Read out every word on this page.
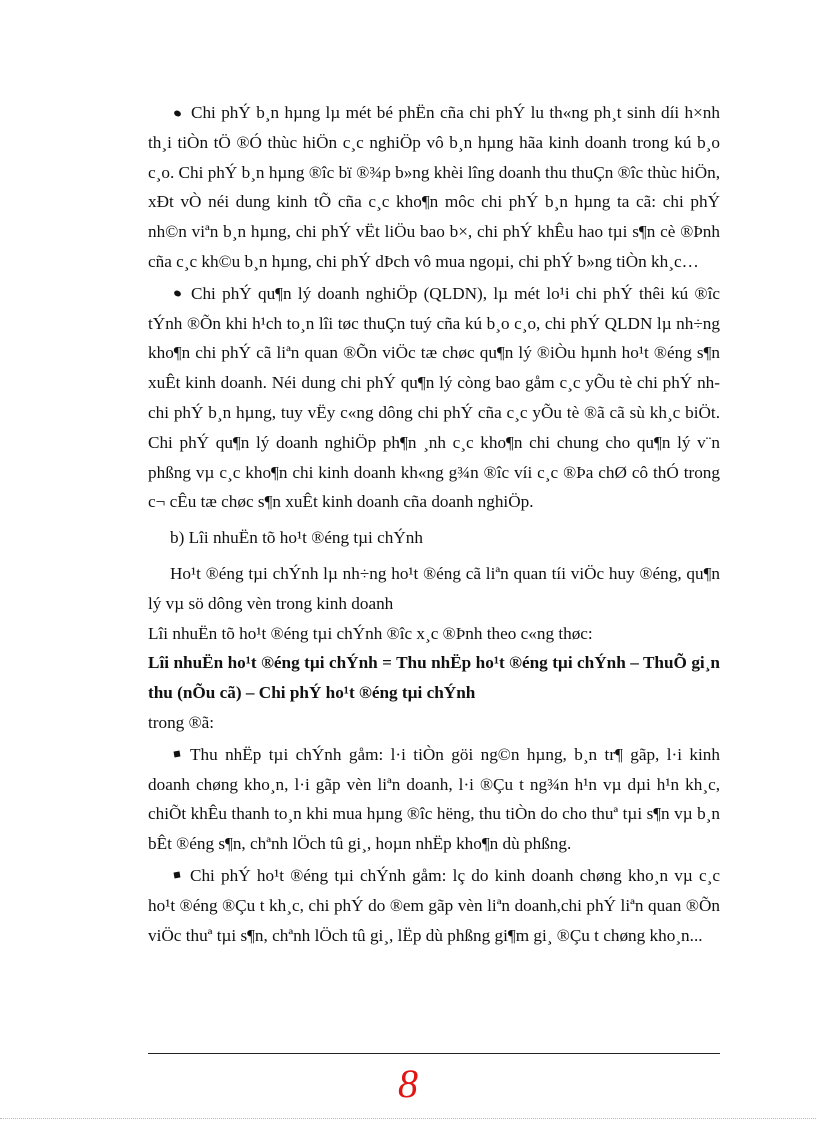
Chi phÝ b¸n hµng lµ mét bé phËn cña chi phÝ lu th«ng ph¸t sinh díi h×nh th¸i tiÒn tÖ ®Ó thùc hiÖn c¸c nghiÖp vô b¸n hµng hãa kinh doanh trong kú b¸o c¸o. Chi phÝ b¸n hµng ®îc bï ®¾p b»ng khèi lîng doanh thu thuÇn ®îc thùc hiÖn, xÐt vÒ néi dung kinh tÕ cña c¸c kho¶n môc chi phÝ b¸n hµng ta cã: chi phÝ nh©n viªn b¸n hµng, chi phÝ vËt liÖu bao b×, chi phÝ khÊu hao tµi s¶n cè ®Þnh cña c¸c kh©u b¸n hµng, chi phÝ dÞch vô mua ngoµi, chi phÝ b»ng tiÒn kh¸c…

Chi phÝ qu¶n lý doanh nghiÖp (QLDN), lµ mét lo¹i chi phÝ thêi kú ®îc tÝnh ®Õn khi h¹ch to¸n lîi tøc thuÇn tuý cña kú b¸o c¸o, chi phÝ QLDN lµ nh÷ng kho¶n chi phÝ cã liªn quan ®Õn viÖc tæ chøc qu¶n lý ®iÒu hµnh ho¹t ®éng s¶n xuÊt kinh doanh. Néi dung chi phÝ qu¶n lý còng bao gåm c¸c yÕu tè chi phÝ nh chi phÝ b¸n hµng, tuy vËy c«ng dông chi phÝ cña c¸c yÕu tè ®ã cã sù kh¸c biÖt. Chi phÝ qu¶n lý doanh nghiÖp ph¶n ¸nh c¸c kho¶n chi chung cho qu¶n lý v¨n phßng vµ c¸c kho¶n chi kinh doanh kh«ng g¾n ®îc víi c¸c ®Þa chØ cô thÓ trong c¬ cÊu tæ chøc s¶n xuÊt kinh doanh cña doanh nghiÖp.

b) Lîi nhuËn tõ ho¹t ®éng tµi chÝnh

Ho¹t ®éng tµi chÝnh lµ nh÷ng ho¹t ®éng cã liªn quan tíi viÖc huy ®éng, qu¶n lý vµ sö dông vèn trong kinh doanh

Lîi nhuËn tõ ho¹t ®éng tµi chÝnh ®îc x¸c ®Þnh theo c«ng thøc:

Lîi nhuËn ho¹t ®éng tµi chÝnh = Thu nhËp ho¹t ®éng tµi chÝnh – ThuÕ gi¸n thu (nÕu cã) – Chi phÝ ho¹t ®éng tµi chÝnh

trong ®ã:

Thu nhËp tµi chÝnh gåm: l·i tiÒn göi ng©n hµng, b¸n tr¶ gãp, l·i kinh doanh chøng kho¸n, l·i gãp vèn liªn doanh, l·i ®Çu t ng¾n h¹n vµ dµi h¹n kh¸c, chiÕt khÊu thanh to¸n khi mua hµng ®îc hëng, thu tiÒn do cho thuª tµi s¶n vµ b¸n bÊt ®éng s¶n, chªnh lÖch tû gi¸, hoµn nhËp kho¶n dù phßng.

Chi phÝ ho¹t ®éng tµi chÝnh gåm: lç do kinh doanh chøng kho¸n vµ c¸c ho¹t ®éng ®Çu t kh¸c, chi phÝ do ®em gãp vèn liªn doanh,chi phÝ liªn quan ®Õn viÖc thuª tµi s¶n, chªnh lÖch tû gi¸, lËp dù phßng gi¶m gi¸ ®Çu t chøng kho¸n...

8
